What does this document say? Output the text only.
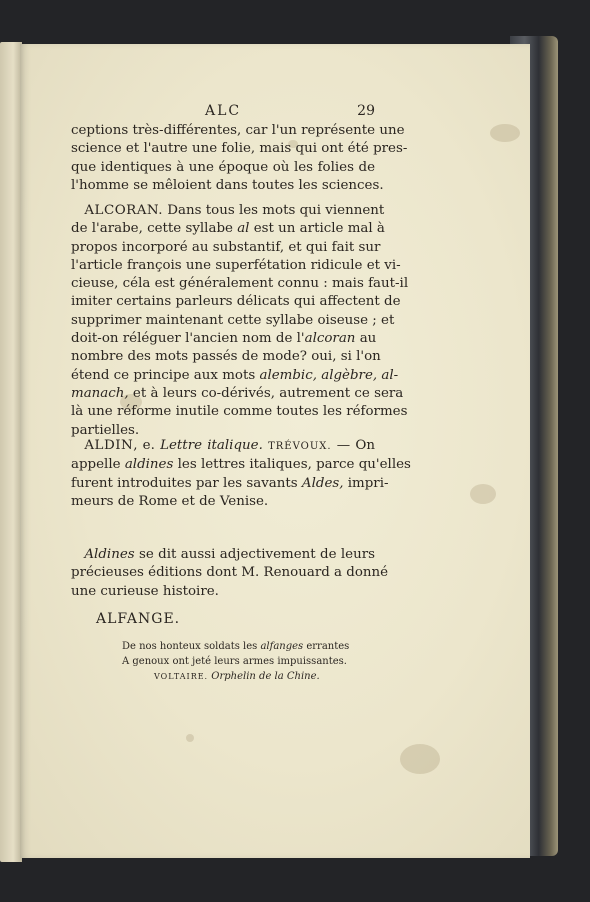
ALC	29
ceptions très-différentes, car l'un représente une
science et l'autre une folie, mais qui ont été pres-
que identiques à une époque où les folies de
l'homme se mêloient dans toutes les sciences.
 ALCORAN. Dans tous les mots qui viennent
de l'arabe, cette syllabe al est un article mal à
propos incorporé au substantif, et qui fait sur
l'article françois une superfétation ridicule et vi-
cieuse, céla est généralement connu : mais faut-il
imiter certains parleurs délicats qui affectent de
supprimer maintenant cette syllabe oiseuse ; et
doit-on réléguer l'ancien nom de l'alcoran au
nombre des mots passés de mode? oui, si l'on
étend ce principe aux mots alembic, algèbre, al-
manach, et à leurs co-dérivés, autrement ce sera
là une réforme inutile comme toutes les réformes
partielles.
 ALDIN, e. Lettre italique. TRÉVOUX. — On
appelle aldines les lettres italiques, parce qu'elles
furent introduites par les savants Aldes, impri-
meurs de Rome et de Venise.
 Aldines se dit aussi adjectivement de leurs
précieuses éditions dont M. Renouard a donné
une curieuse histoire.
ALFANGE.
De nos honteux soldats les alfanges errantes
A genoux ont jeté leurs armes impuissantes.
VOLTAIRE. Orphelin de la Chine.
